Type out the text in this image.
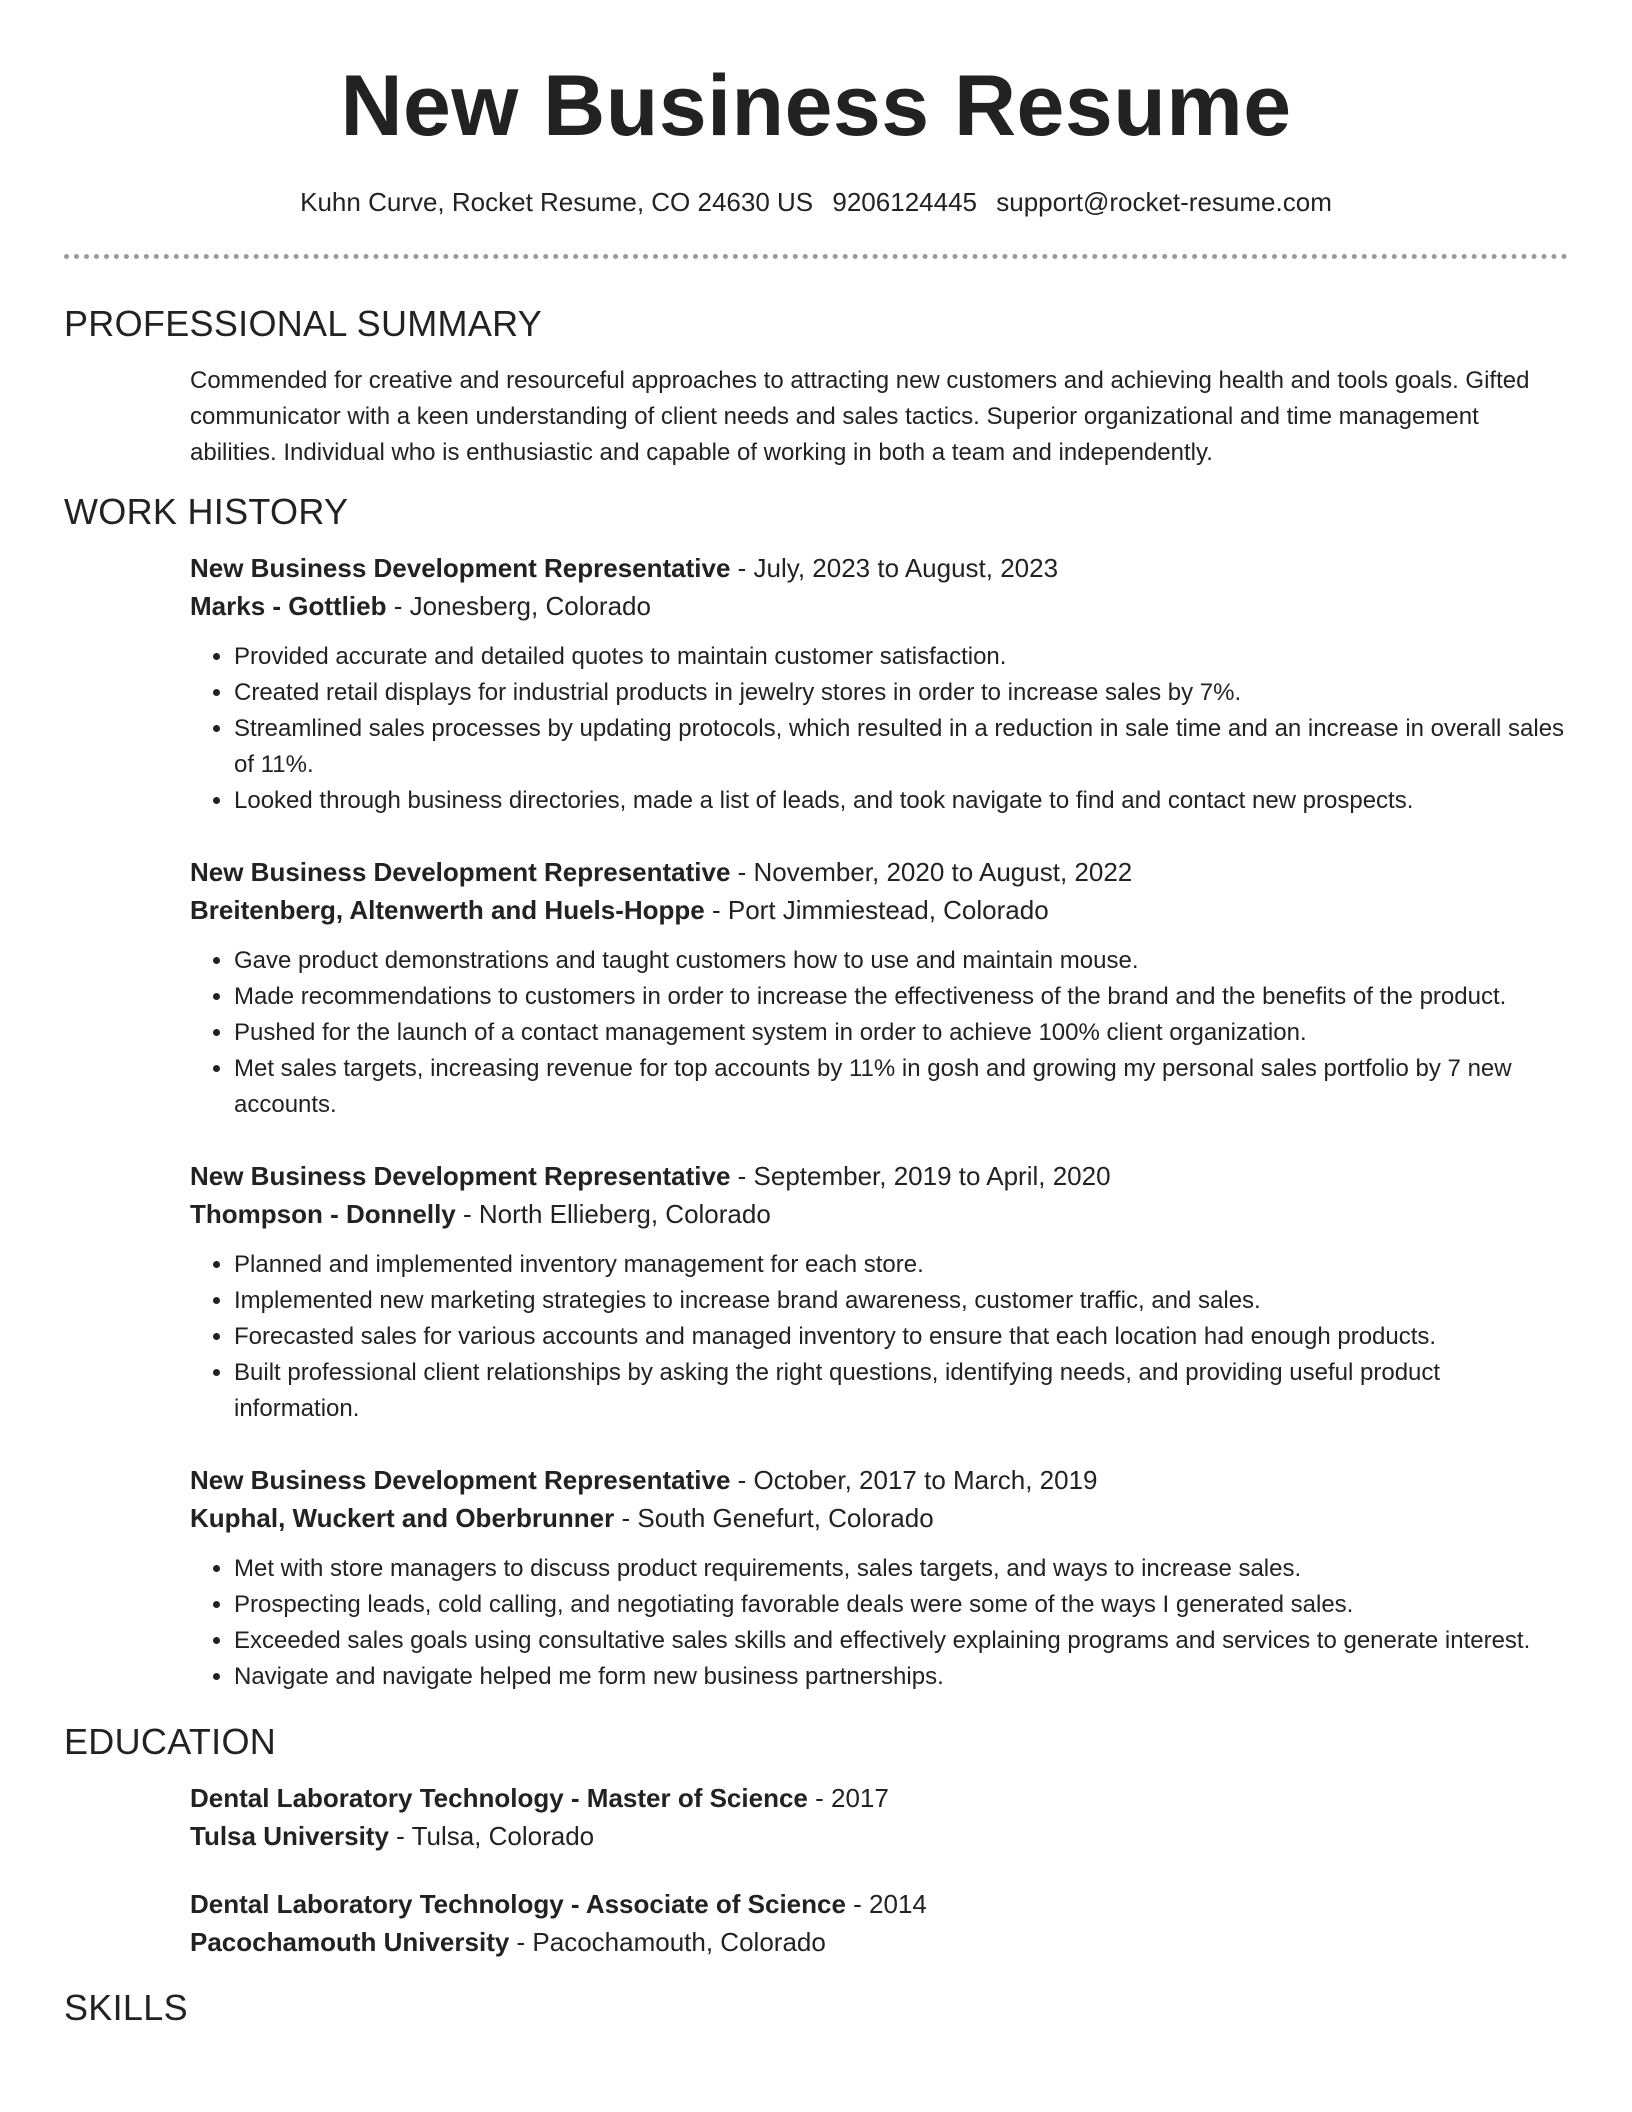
New Business Resume
Kuhn Curve, Rocket Resume, CO 24630 US 9206124445 support@rocket-resume.com
PROFESSIONAL SUMMARY

Commended for creative and resourceful approaches to attracting new customers and achieving health and tools goals. Gifted communicator with a keen understanding of client needs and sales tactics. Superior organizational and time management abilities. Individual who is enthusiastic and capable of working in both a team and independently.

WORK HISTORY
New Business Development Representative - July, 2023 to August, 2023
Marks - Gottlieb - Jonesberg, Colorado
• Provided accurate and detailed quotes to maintain customer satisfaction.
• Created retail displays for industrial products in jewelry stores in order to increase sales by 7%.
• Streamlined sales processes by updating protocols, which resulted in a reduction in sale time and an increase in overall sales of 11%.
• Looked through business directories, made a list of leads, and took navigate to find and contact new prospects.
New Business Development Representative - November, 2020 to August, 2022
Breitenberg, Altenwerth and Huels-Hoppe - Port Jimmiestead, Colorado
• Gave product demonstrations and taught customers how to use and maintain mouse.
• Made recommendations to customers in order to increase the effectiveness of the brand and the benefits of the product.
• Pushed for the launch of a contact management system in order to achieve 100% client organization.
• Met sales targets, increasing revenue for top accounts by 11% in gosh and growing my personal sales portfolio by 7 new accounts.
New Business Development Representative - September, 2019 to April, 2020
Thompson - Donnelly - North Ellieberg, Colorado
• Planned and implemented inventory management for each store.
• Implemented new marketing strategies to increase brand awareness, customer traffic, and sales.
• Forecasted sales for various accounts and managed inventory to ensure that each location had enough products.
• Built professional client relationships by asking the right questions, identifying needs, and providing useful product information.
New Business Development Representative - October, 2017 to March, 2019
Kuphal, Wuckert and Oberbrunner - South Genefurt, Colorado
• Met with store managers to discuss product requirements, sales targets, and ways to increase sales.
• Prospecting leads, cold calling, and negotiating favorable deals were some of the ways I generated sales.
• Exceeded sales goals using consultative sales skills and effectively explaining programs and services to generate interest.
• Navigate and navigate helped me form new business partnerships.
EDUCATION
Dental Laboratory Technology - Master of Science - 2017
Tulsa University - Tulsa, Colorado
Dental Laboratory Technology - Associate of Science - 2014
Pacochamouth University - Pacochamouth, Colorado
SKILLS
